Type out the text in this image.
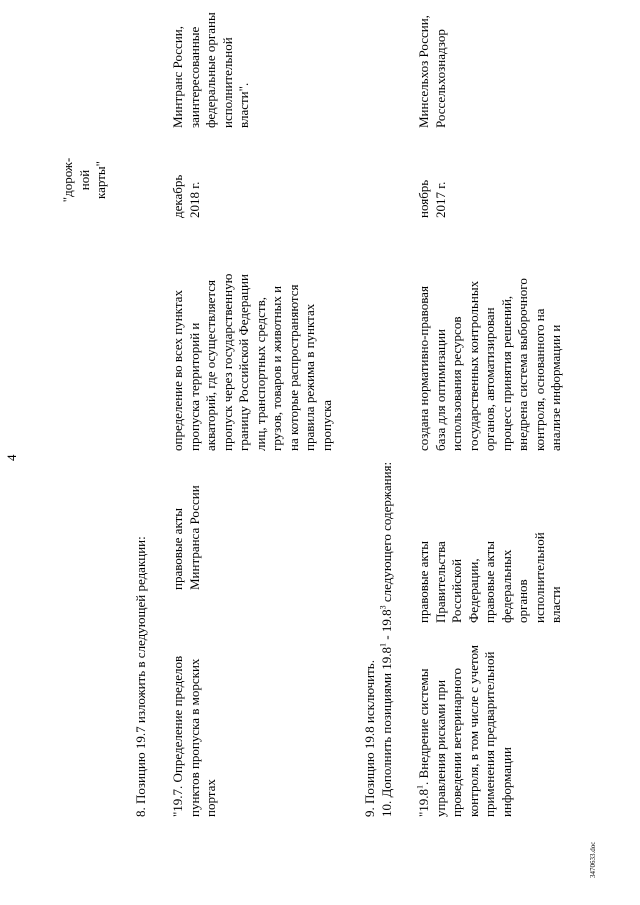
4
"дорож- ной карты"
8. Позицию 19.7 изложить в следующей редакции: "19.7. Определение пределов пунктов пропуска в морских портах
правовые акты Минтранса России
определение во всех пунктах пропуска территорий и акваторий, где осуществляется пропуск через государственную границу Российской Федерации лиц, транспортных средств, грузов, товаров и животных и на которые распространяются правила режима в пунктах пропуска
декабрь 2018 г.
Минтранс России, заинтересованные федеральные органы исполнительной власти".
9. Позицию 19.8 исключить. 10. Дополнить позициями 19.8$^1$ - 19.8$^3$ следующего содержания:
"19.8$^1$. Внедрение системы управления рисками при проведении ветеринарного контроля, в том числе с учетом применения предварительной информации
правовые акты Правительства Российской Федерации, правовые акты федеральных органов исполнительной власти
создана нормативно-правовая база для оптимизации использования ресурсов государственных контрольных органов, автоматизирован процесс принятия решений, внедрена система выборочного контроля, основанного на анализе информации и
ноябрь 2017 г.
Минсельхоз России, Россельхознадзор
3470633.doc
